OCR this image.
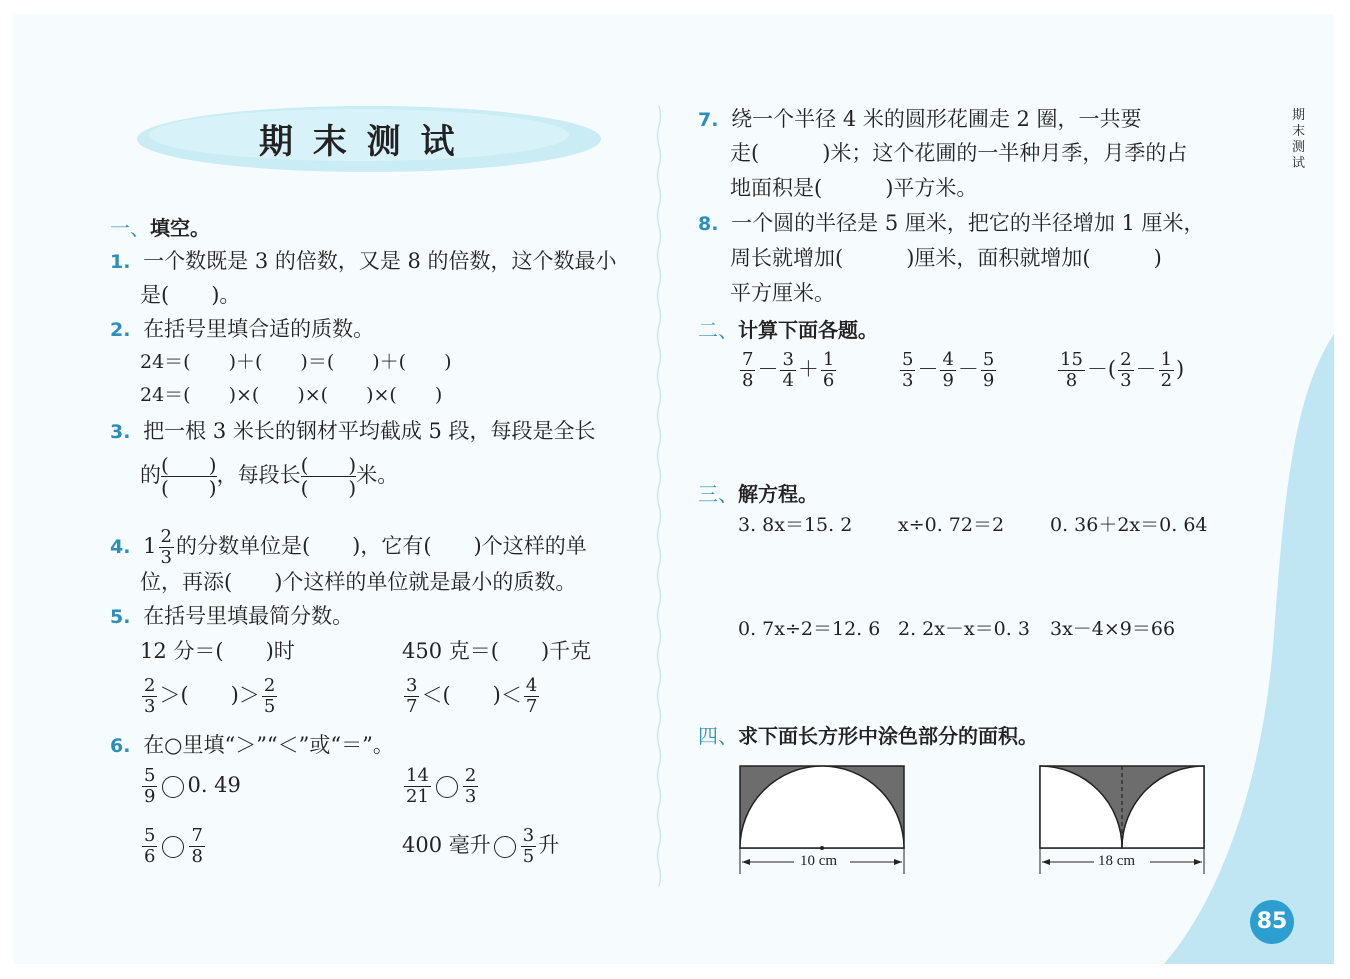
期 末 测 试
期末测试
85
一、填空。
1. 一个数既是 3 的倍数，又是 8 的倍数，这个数最小
是(　　)。
2. 在括号里填合适的质数。
24＝(　　)＋(　　)＝(　　)＋(　　)
24＝(　　)×(　　)×(　　)×(　　)
3. 把一根 3 米长的钢材平均截成 5 段，每段是全长
的 (　　)
(　　)，每段长 (　　)
(　　)米。
4. $1 \frac{2}{3}$ 的分数单位是(　　)，它有(　　)个这样的单
位，再添(　　)个这样的单位就是最小的质数。
5. 在括号里填最简分数。
12 分＝(　　)时	450 克＝(　　)千克
$\frac{2}{3}$ ＞(　　)＞ $\frac{2}{5}$	$\frac{3}{7}$ ＜(　　)＜ $\frac{4}{7}$
6. 在○里填“＞”“＜”或“＝”。
$\frac{5}{9} 0$. 49	$\frac{14}{21} \frac{2}{3}$
$\frac{5}{6} \frac{7}{8}$	400 毫升 $\frac{3}{5}$ 升
7. 绕一个半径 4 米的圆形花圃走 2 圈，一共要
走(　　　)米；这个花圃的一半种月季，月季的占
地面积是(　　　)平方米。
8. 一个圆的半径是 5 厘米，把它的半径增加 1 厘米，
周长就增加(　　　)厘米，面积就增加(　　　)
平方厘米。
二、计算下面各题。
$\frac{7}{8} - \frac{3}{4} + \frac{1}{6}$	$\frac{5}{3} - \frac{4}{9} - \frac{5}{9}$	$\frac{15}{8}$ －( $\frac{2}{3} - \frac{1}{2}$ )
三、解方程。
3. 8x＝15. 2 x÷0. 72＝2 0. 36＋2x＝0. 64
0. 7x÷2＝12. 6 2. 2x－x＝0. 3 3x－4×9＝66
四、求下面长方形中涂色部分的面积。
10 cm	18 cm
